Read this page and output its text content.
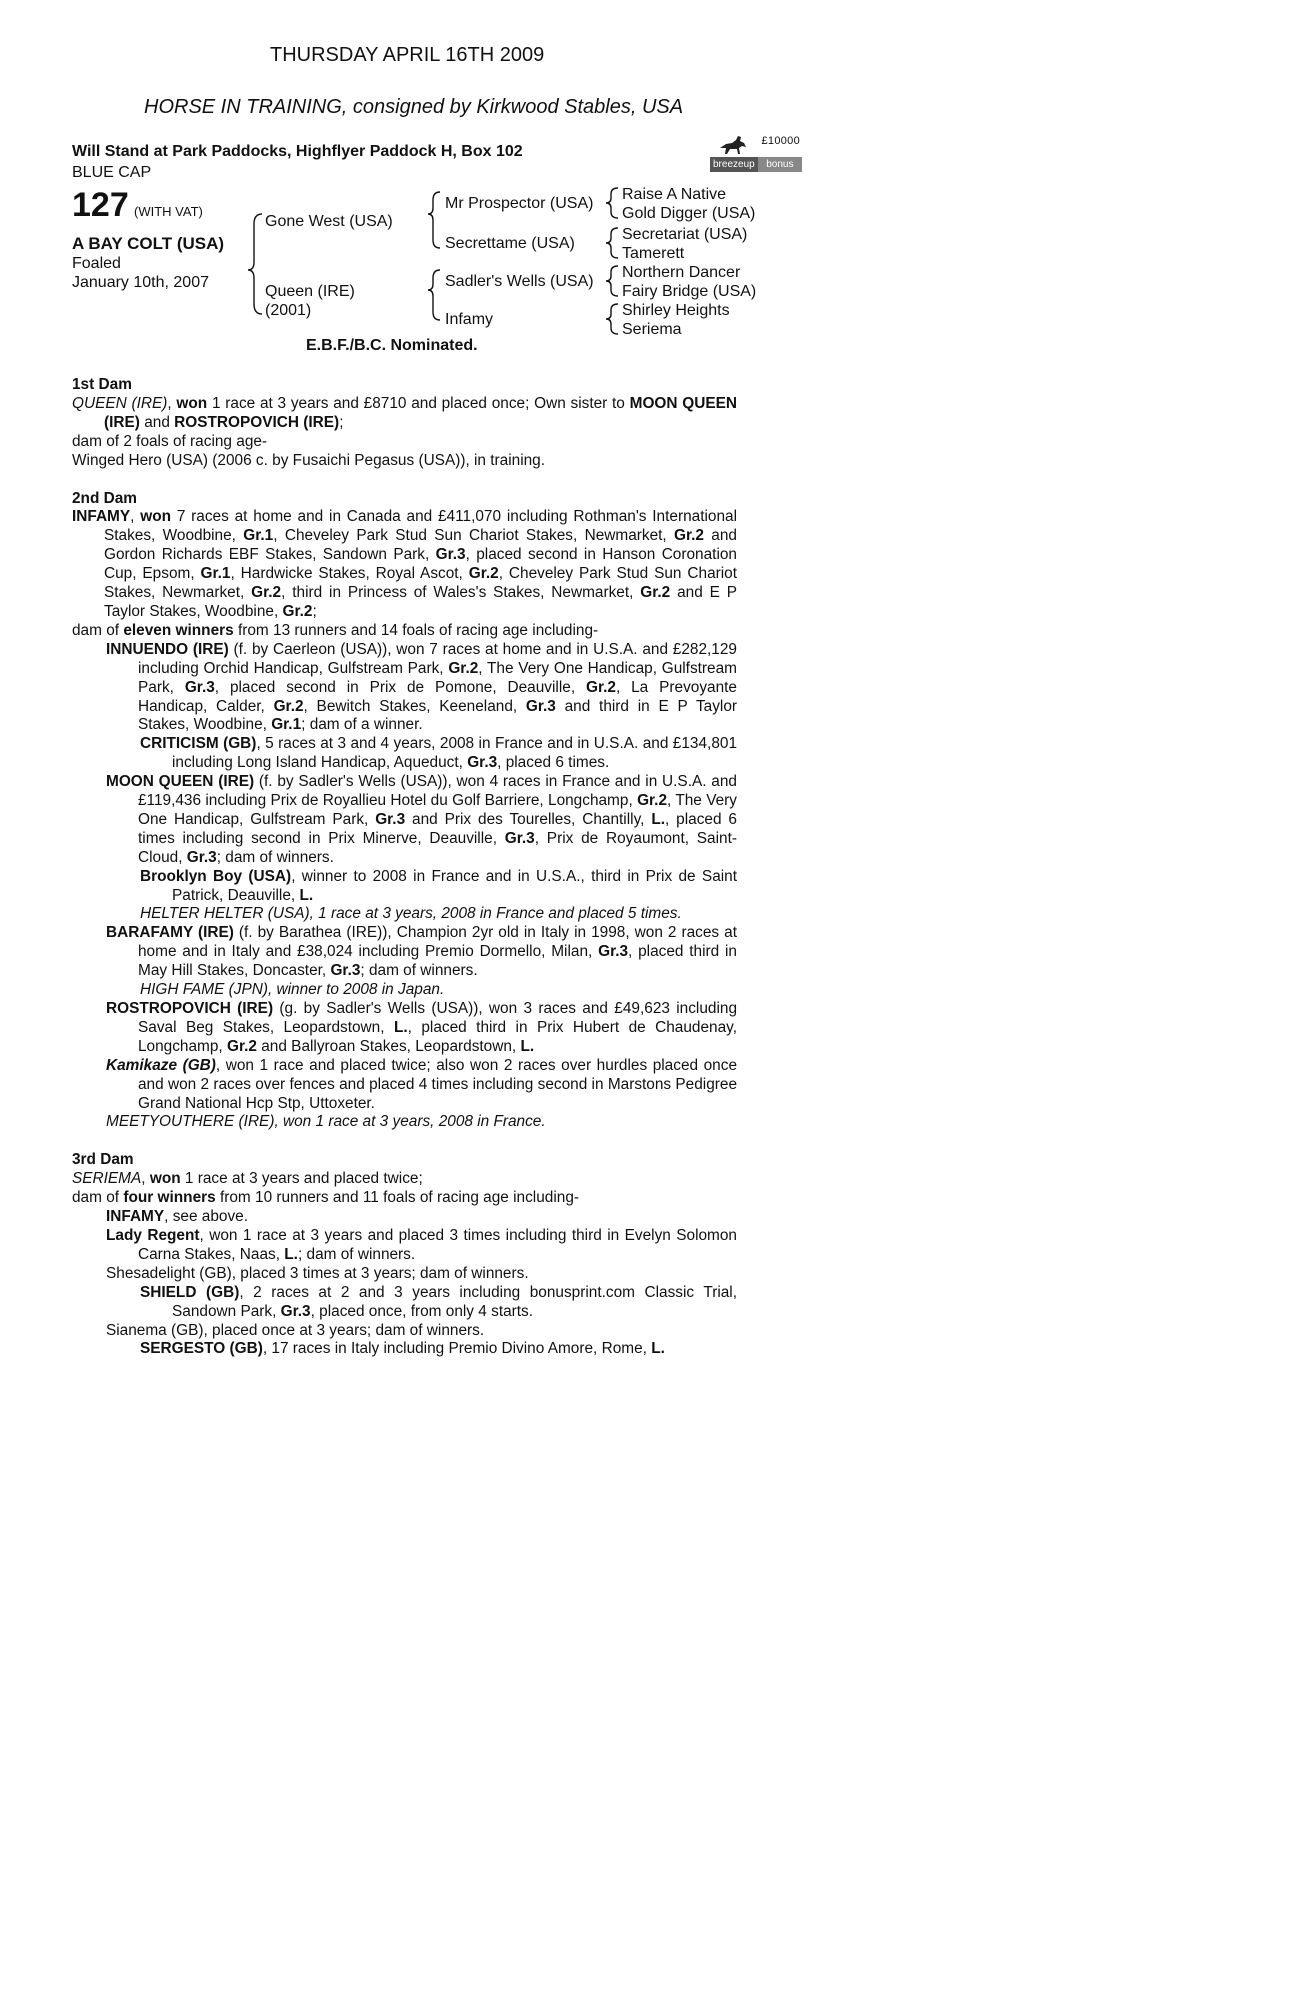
THURSDAY APRIL 16TH 2009
HORSE IN TRAINING, consigned by Kirkwood Stables, USA
Will Stand at Park Paddocks, Highflyer Paddock H, Box 102
BLUE CAP
£10000
breezeup	bonus
127 (WITH VAT)
A BAY COLT (USA)
Foaled
January 10th, 2007
Gone West (USA)
Queen (IRE)
(2001)
Mr Prospector (USA)
Secrettame (USA)
Sadler's Wells (USA)
Infamy
Raise A Native
Gold Digger (USA)
Secretariat (USA)
Tamerett
Northern Dancer
Fairy Bridge (USA)
Shirley Heights
Seriema
E.B.F./B.C. Nominated.

1st Dam

QUEEN (IRE), won 1 race at 3 years and £8710 and placed once; Own sister to MOON QUEEN (IRE) and ROSTROPOVICH (IRE);

dam of 2 foals of racing age-

Winged Hero (USA) (2006 c. by Fusaichi Pegasus (USA)), in training.

2nd Dam

INFAMY, won 7 races at home and in Canada and £411,070 including Rothman's International Stakes, Woodbine, Gr.1, Cheveley Park Stud Sun Chariot Stakes, Newmarket, Gr.2 and Gordon Richards EBF Stakes, Sandown Park, Gr.3, placed second in Hanson Coronation Cup, Epsom, Gr.1, Hardwicke Stakes, Royal Ascot, Gr.2, Cheveley Park Stud Sun Chariot Stakes, Newmarket, Gr.2, third in Princess of Wales's Stakes, Newmarket, Gr.2 and E P Taylor Stakes, Woodbine, Gr.2;

dam of eleven winners from 13 runners and 14 foals of racing age including-

INNUENDO (IRE) (f. by Caerleon (USA)), won 7 races at home and in U.S.A. and £282,129 including Orchid Handicap, Gulfstream Park, Gr.2, The Very One Handicap, Gulfstream Park, Gr.3, placed second in Prix de Pomone, Deauville, Gr.2, La Prevoyante Handicap, Calder, Gr.2, Bewitch Stakes, Keeneland, Gr.3 and third in E P Taylor Stakes, Woodbine, Gr.1; dam of a winner.

CRITICISM (GB), 5 races at 3 and 4 years, 2008 in France and in U.S.A. and £134,801 including Long Island Handicap, Aqueduct, Gr.3, placed 6 times.

MOON QUEEN (IRE) (f. by Sadler's Wells (USA)), won 4 races in France and in U.S.A. and £119,436 including Prix de Royallieu Hotel du Golf Barriere, Longchamp, Gr.2, The Very One Handicap, Gulfstream Park, Gr.3 and Prix des Tourelles, Chantilly, L., placed 6 times including second in Prix Minerve, Deauville, Gr.3, Prix de Royaumont, Saint-Cloud, Gr.3; dam of winners.

Brooklyn Boy (USA), winner to 2008 in France and in U.S.A., third in Prix de Saint Patrick, Deauville, L.

HELTER HELTER (USA), 1 race at 3 years, 2008 in France and placed 5 times.

BARAFAMY (IRE) (f. by Barathea (IRE)), Champion 2yr old in Italy in 1998, won 2 races at home and in Italy and £38,024 including Premio Dormello, Milan, Gr.3, placed third in May Hill Stakes, Doncaster, Gr.3; dam of winners.

HIGH FAME (JPN), winner to 2008 in Japan.

ROSTROPOVICH (IRE) (g. by Sadler's Wells (USA)), won 3 races and £49,623 including Saval Beg Stakes, Leopardstown, L., placed third in Prix Hubert de Chaudenay, Longchamp, Gr.2 and Ballyroan Stakes, Leopardstown, L.

Kamikaze (GB), won 1 race and placed twice; also won 2 races over hurdles placed once and won 2 races over fences and placed 4 times including second in Marstons Pedigree Grand National Hcp Stp, Uttoxeter.

MEETYOUTHERE (IRE), won 1 race at 3 years, 2008 in France.

3rd Dam

SERIEMA, won 1 race at 3 years and placed twice;

dam of four winners from 10 runners and 11 foals of racing age including-

INFAMY, see above.

Lady Regent, won 1 race at 3 years and placed 3 times including third in Evelyn Solomon Carna Stakes, Naas, L.; dam of winners.

Shesadelight (GB), placed 3 times at 3 years; dam of winners.

SHIELD (GB), 2 races at 2 and 3 years including bonusprint.com Classic Trial, Sandown Park, Gr.3, placed once, from only 4 starts.

Sianema (GB), placed once at 3 years; dam of winners.

SERGESTO (GB), 17 races in Italy including Premio Divino Amore, Rome, L.
